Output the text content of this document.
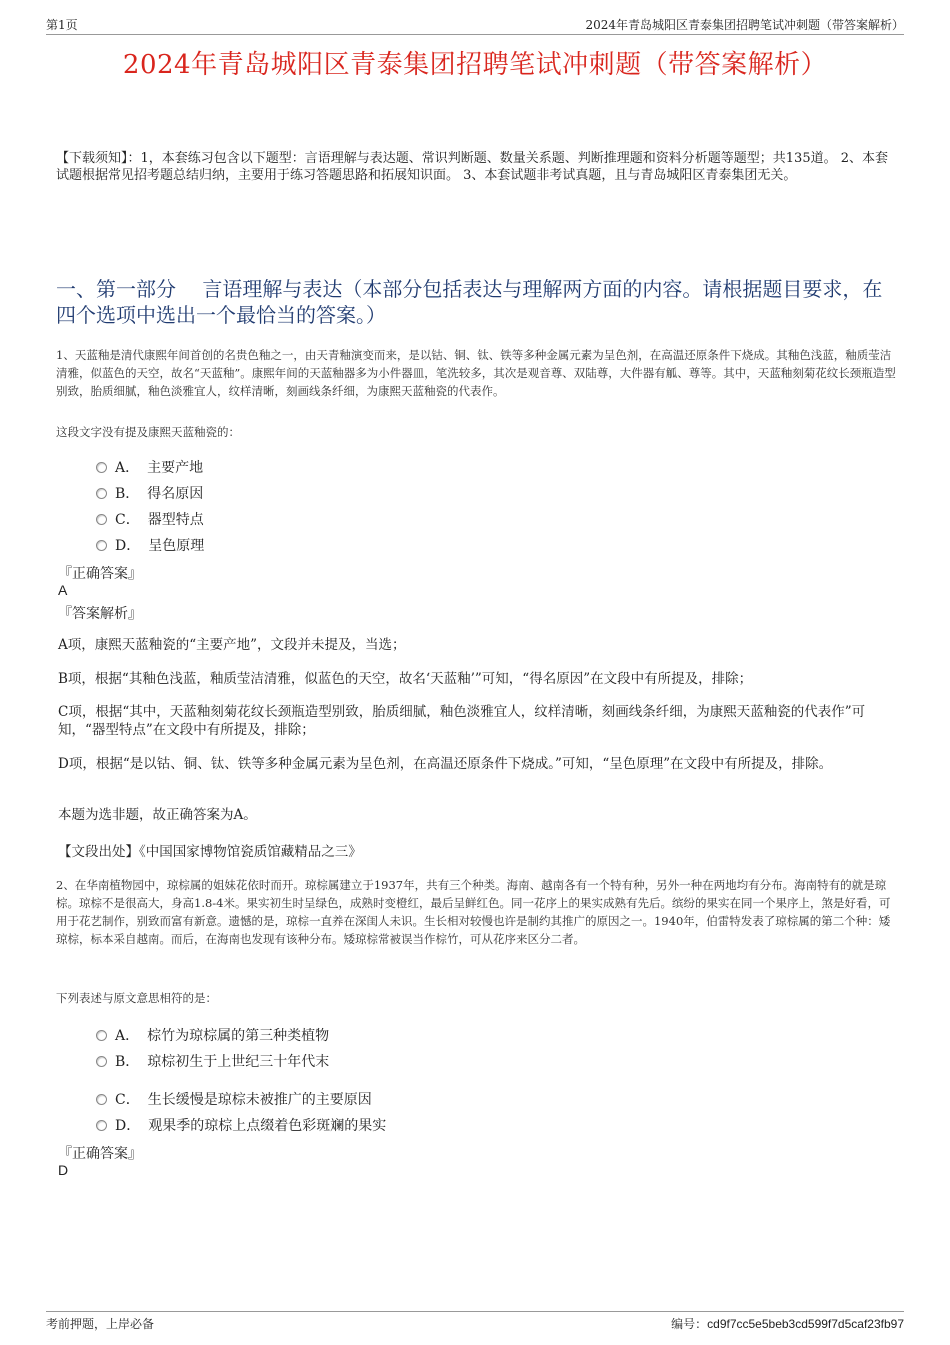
第1页	2024年青岛城阳区青泰集团招聘笔试冲刺题（带答案解析）
2024年青岛城阳区青泰集团招聘笔试冲刺题（带答案解析）
【下载须知】：1，本套练习包含以下题型：言语理解与表达题、常识判断题、数量关系题、判断推理题和资料分析题等题型；共135道。 2、本套试题根据常见招考题总结归纳，主要用于练习答题思路和拓展知识面。 3、本套试题非考试真题，且与青岛城阳区青泰集团无关。
一、第一部分　 言语理解与表达（本部分包括表达与理解两方面的内容。请根据题目要求，在四个选项中选出一个最恰当的答案。）
1、天蓝釉是清代康熙年间首创的名贵色釉之一，由天青釉演变而来，是以钴、铜、钛、铁等多种金属元素为呈色剂，在高温还原条件下烧成。其釉色浅蓝，釉质莹洁清雅，似蓝色的天空，故名“天蓝釉”。康熙年间的天蓝釉器多为小件器皿，笔洗较多，其次是观音尊、双陆尊，大件器有觚、尊等。其中，天蓝釉刻菊花纹长颈瓶造型别致，胎质细腻，釉色淡雅宜人，纹样清晰，刻画线条纤细，为康熙天蓝釉瓷的代表作。
这段文字没有提及康熙天蓝釉瓷的：
A． 主要产地
B． 得名原因
C． 器型特点
D． 呈色原理
『正确答案』
A
『答案解析』
A项，康熙天蓝釉瓷的“主要产地”，文段并未提及，当选；
B项，根据“其釉色浅蓝，釉质莹洁清雅，似蓝色的天空，故名‘天蓝釉’”可知，“得名原因”在文段中有所提及，排除；
C项，根据“其中，天蓝釉刻菊花纹长颈瓶造型别致，胎质细腻，釉色淡雅宜人，纹样清晰，刻画线条纤细，为康熙天蓝釉瓷的代表作”可知，“器型特点”在文段中有所提及，排除；
D项，根据“是以钴、铜、钛、铁等多种金属元素为呈色剂，在高温还原条件下烧成。”可知，“呈色原理”在文段中有所提及，排除。
本题为选非题，故正确答案为A。
【文段出处】《中国国家博物馆瓷质馆藏精品之三》
2、在华南植物园中，琼棕属的姐妹花依时而开。琼棕属建立于1937年，共有三个种类。海南、越南各有一个特有种，另外一种在两地均有分布。海南特有的就是琼棕。琼棕不是很高大，身高1.8-4米。果实初生时呈绿色，成熟时变橙红，最后呈鲜红色。同一花序上的果实成熟有先后。缤纷的果实在同一个果序上，煞是好看，可用于花艺制作，别致而富有新意。遗憾的是，琼棕一直养在深闺人未识。生长相对较慢也许是制约其推广的原因之一。1940年，伯雷特发表了琼棕属的第二个种：矮琼棕，标本采自越南。而后，在海南也发现有该种分布。矮琼棕常被误当作棕竹，可从花序来区分二者。
下列表述与原文意思相符的是：
A． 棕竹为琼棕属的第三种类植物
B． 琼棕初生于上世纪三十年代末
C． 生长缓慢是琼棕未被推广的主要原因
D． 观果季的琼棕上点缀着色彩斑斓的果实
『正确答案』
D
考前押题，上岸必备	编号：cd9f7cc5e5beb3cd599f7d5caf23fb97
